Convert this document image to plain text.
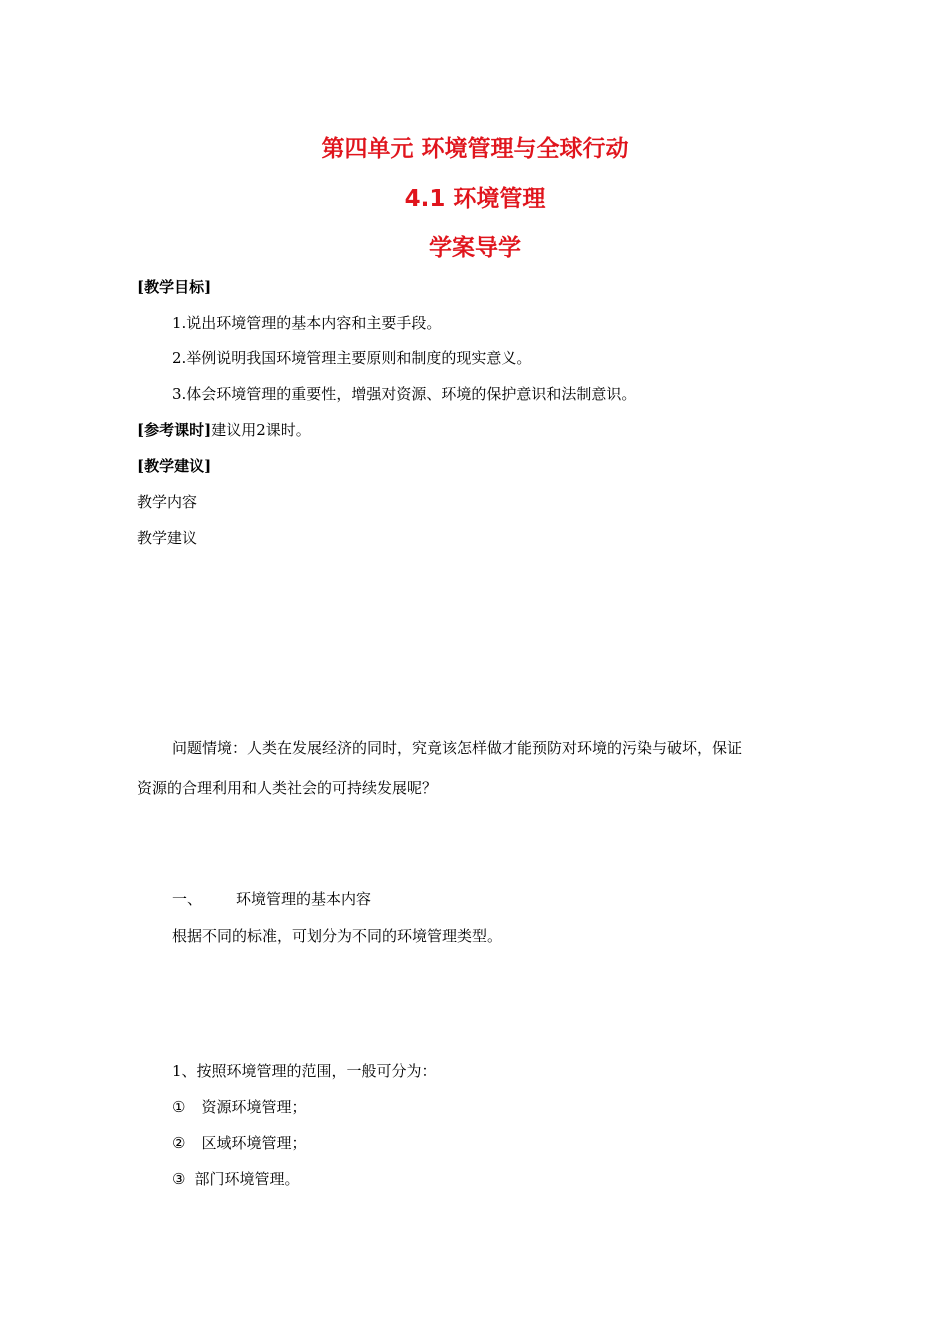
第四单元 环境管理与全球行动
4.1 环境管理
学案导学
[教学目标]
1.说出环境管理的基本内容和主要手段。
2.举例说明我国环境管理主要原则和制度的现实意义。
3.体会环境管理的重要性，增强对资源、环境的保护意识和法制意识。
[参考课时]建议用2课时。
[教学建议]
教学内容
教学建议
问题情境：人类在发展经济的同时，究竟该怎样做才能预防对环境的污染与破坏，保证
资源的合理利用和人类社会的可持续发展呢？
一、 环境管理的基本内容
根据不同的标准，可划分为不同的环境管理类型。
1、按照环境管理的范围，一般可分为：
① 资源环境管理；
② 区域环境管理；
③ 部门环境管理。
